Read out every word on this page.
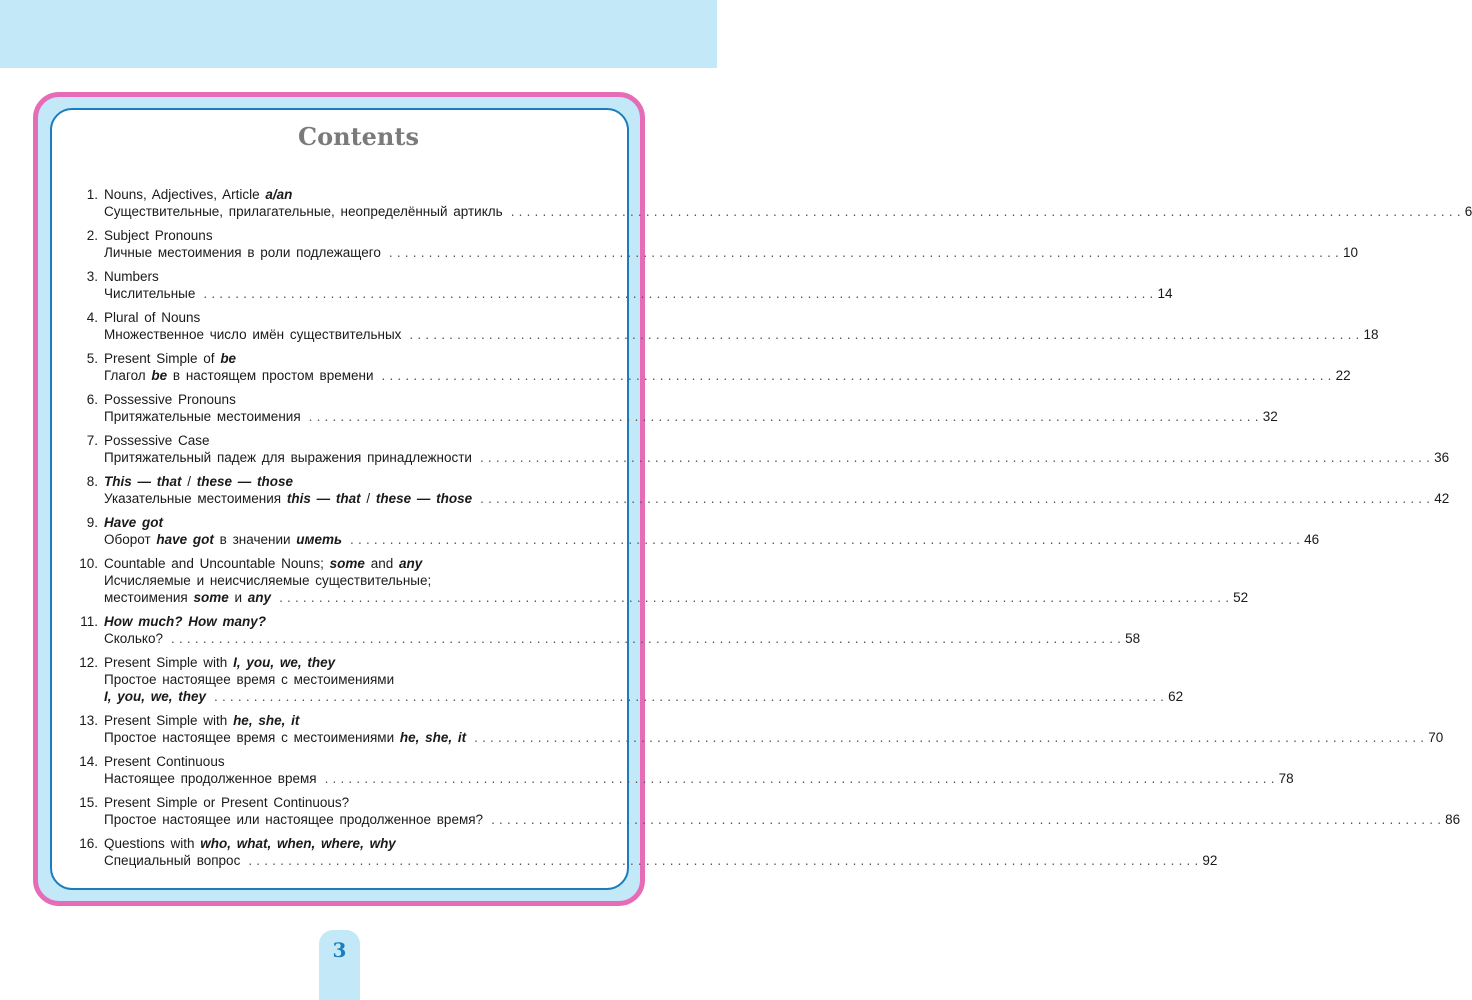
Contents
1. Nouns, Adjectives, Article a/an
Существительные, прилагательные, неопределённый артикль ........................................................................................................................ 6
2. Subject Pronouns
Личные местоимения в роли подлежащего ........................................................................................................................ 10
3. Numbers
Числительные ........................................................................................................................ 14
4. Plural of Nouns
Множественное число имён существительных ........................................................................................................................ 18
5. Present Simple of be
Глагол be в настоящем простом времени ........................................................................................................................ 22
6. Possessive Pronouns
Притяжательные местоимения ........................................................................................................................ 32
7. Possessive Case
Притяжательный падеж для выражения принадлежности ........................................................................................................................ 36
8. This — that / these — those
Указательные местоимения this — that / these — those ........................................................................................................................ 42
9. Have got
Оборот have got в значении иметь ........................................................................................................................ 46
10. Countable and Uncountable Nouns; some and any
Исчисляемые и неисчисляемые существительные;
местоимения some и any ........................................................................................................................ 52
11. How much? How many?
Сколько? ........................................................................................................................ 58
12. Present Simple with I, you, we, they
Простое настоящее время с местоимениями
I, you, we, they ........................................................................................................................ 62
13. Present Simple with he, she, it
Простое настоящее время с местоимениями he, she, it ........................................................................................................................ 70
14. Present Continuous
Настоящее продолженное время ........................................................................................................................ 78
15. Present Simple or Present Continuous?
Простое настоящее или настоящее продолженное время? ........................................................................................................................ 86
16. Questions with who, what, when, where, why
Специальный вопрос ........................................................................................................................ 92
3
